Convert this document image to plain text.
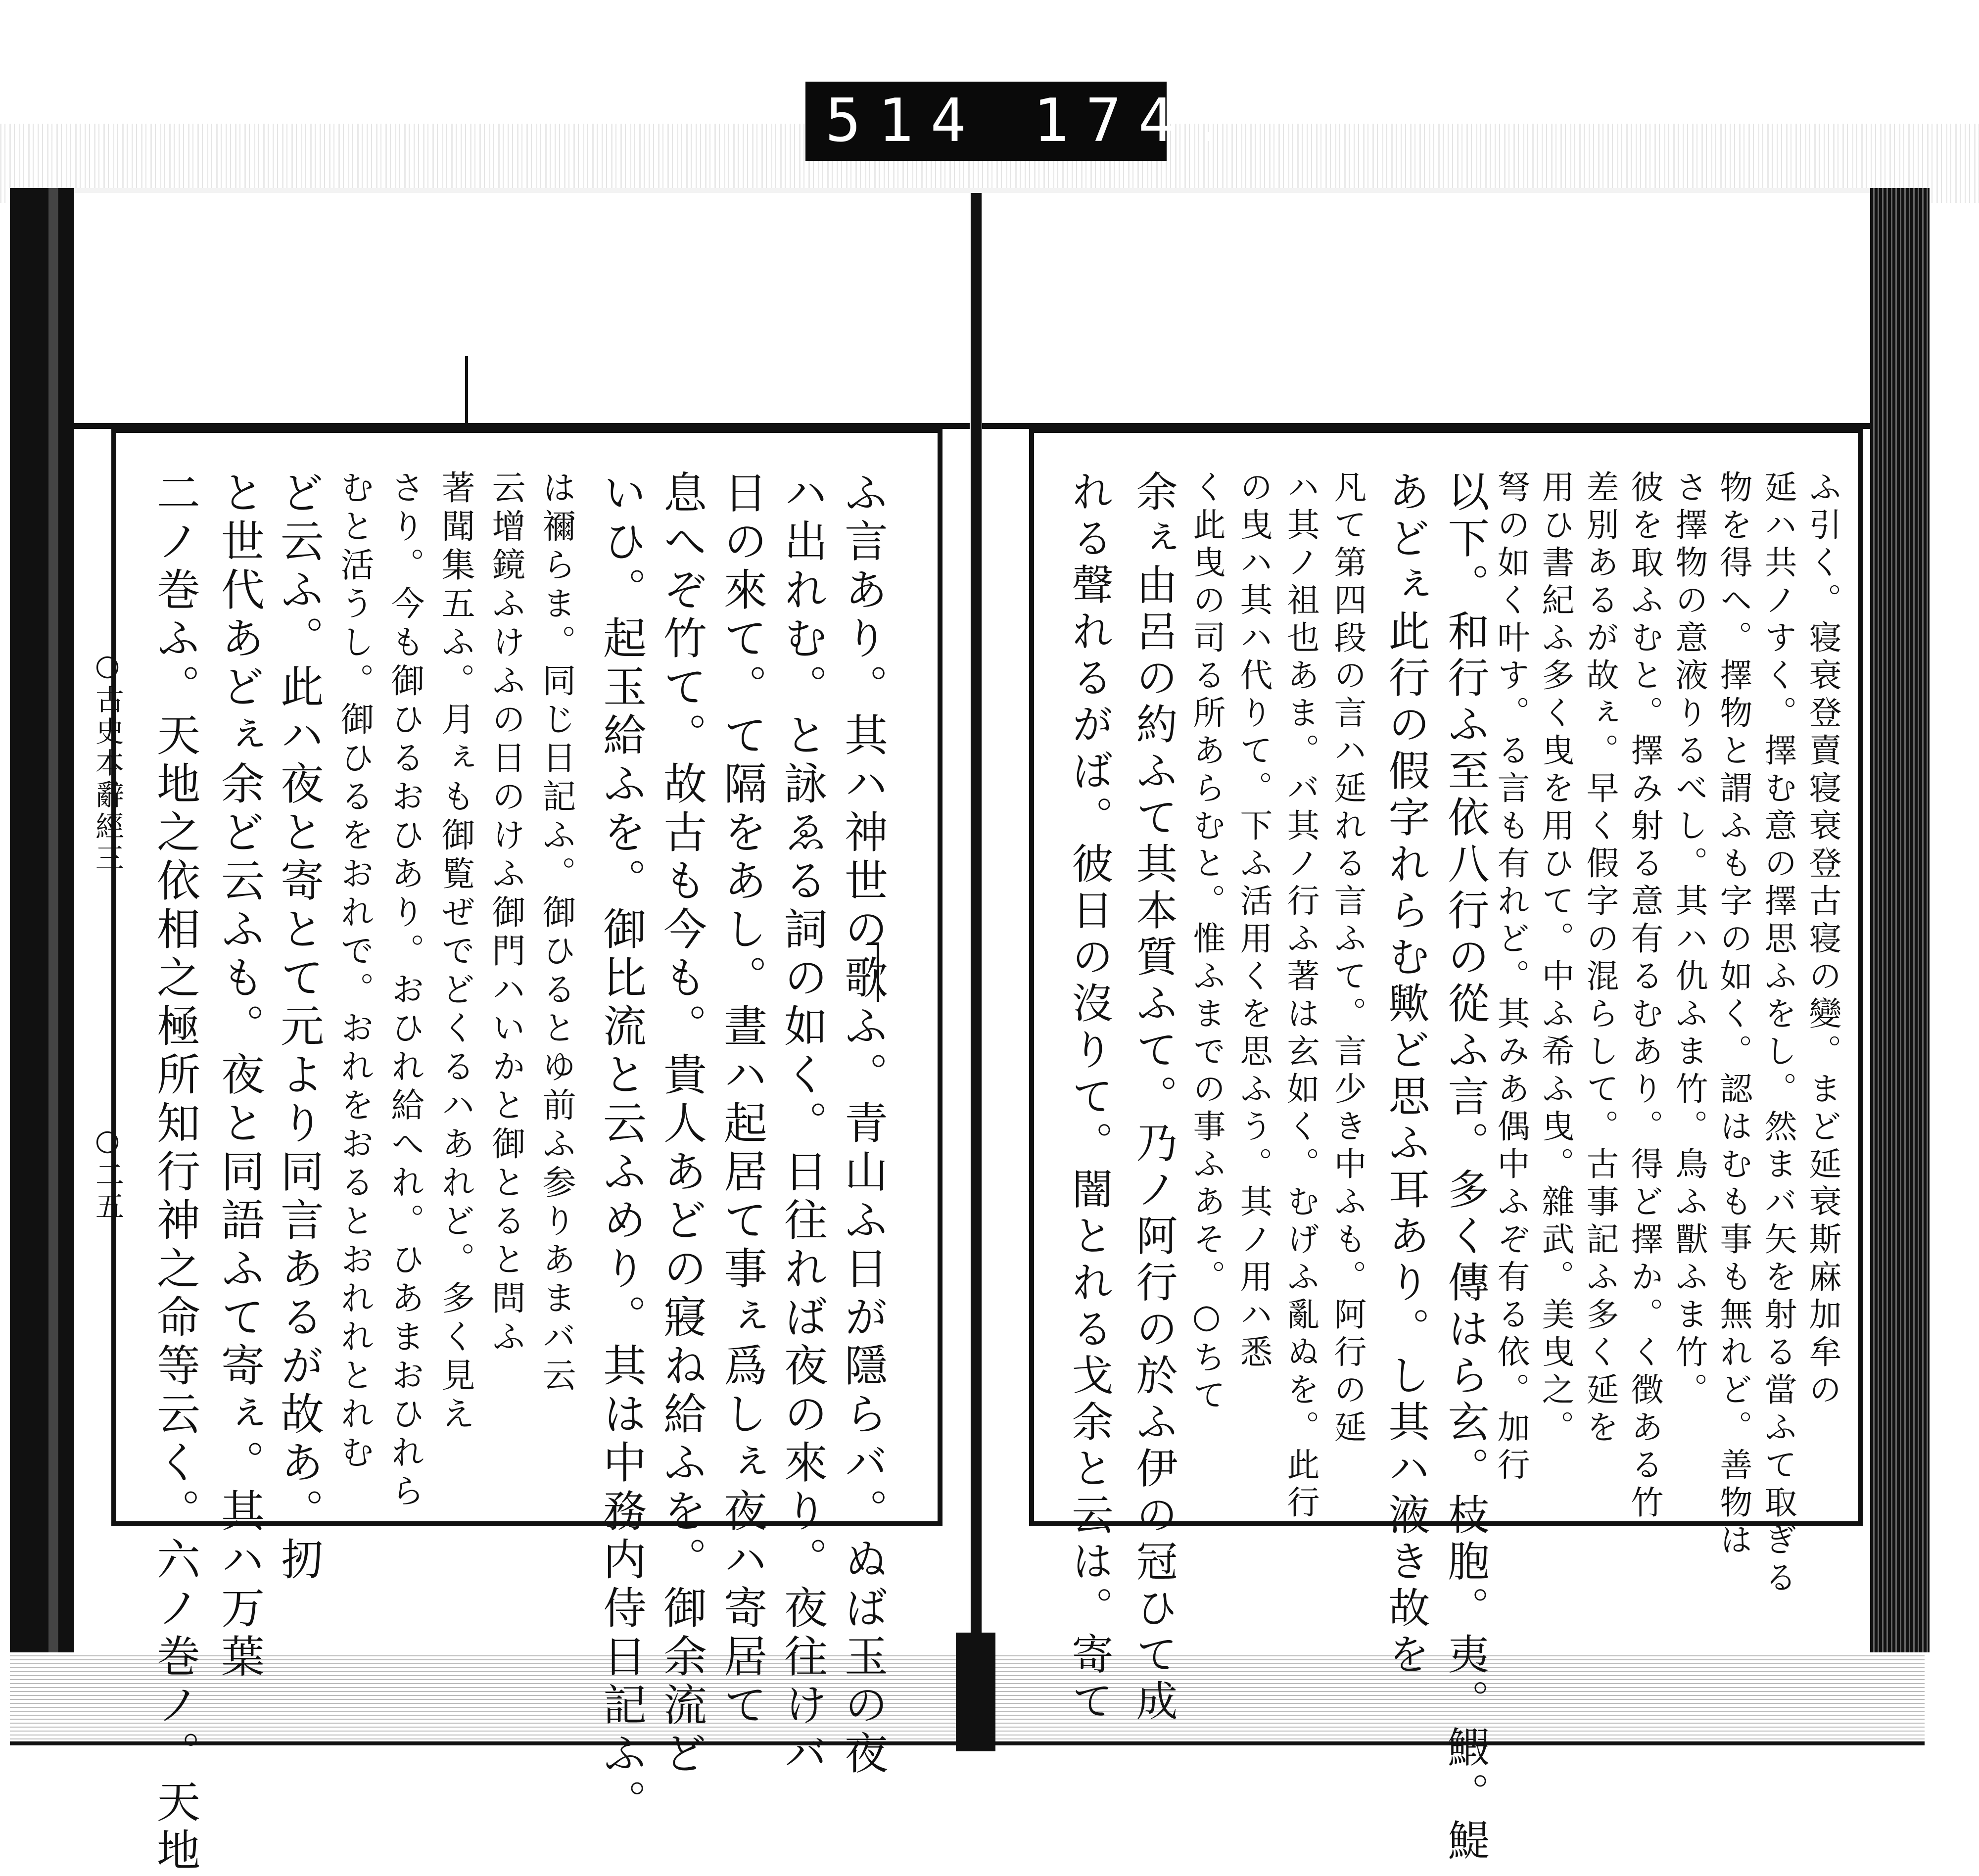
514 174.
○古史本辭經三
○二五	ふ言あり。其ハ神世の歌ふ。青山ふ日が隱らバ。ぬば玉の夜
ハ出れむ。と詠ゑる詞の如く。日往れば夜の來り。夜往けバ
日の來て。て隔をあし。晝ハ起居て事ぇ爲しぇ夜ハ寄居て
息へぞ竹て。故古も今も。貴人あどの寢ね給ふを。御余流ど
いひ。起玉給ふを。御比流と云ふめり。其は中務内侍日記ふ。
は禰らま。同じ日記ふ。御ひるとゆ前ふ参りあまバ云
云增鏡ふけふの日のけふ御門ハいかと御とると問ふ
著聞集五ふ。月ぇも御覧ぜでどくるハあれど。多く見え
さり。今も御ひるおひあり。おひれ給へれ。ひあまおひれら
むと活うし。御ひるをおれで。おれをおるとおれれとれむ
ど云ふ。此ハ夜と寄とて元より同言あるが故あ。扨
と世代あどぇ余ど云ふも。夜と同語ふて寄ぇ。其ハ万葉
二ノ巻ふ。天地之依相之極所知行神之命等云く。六ノ巻ノ。天地	ふ引く。寝衰登賣寝衰登古寝の變。まど延衰斯麻加牟の
延ハ共ノすく。擇む意の擇思ふをし。然まバ矢を射る當ふて取ぎる
物を得ヘ。擇物と謂ふも字の如く。認はむも事も無れど。善物は
さ擇物の意液りるべし。其ハ仇ふま竹。鳥ふ獸ふま竹。
彼を取ふむと。擇み射る意有るむあり。得ど擇か。く徴ある竹
差別あるが故ぇ。早く假字の混らして。古事記ふ多く延を
用ひ書紀ふ多く曳を用ひて。中ふ希ふ曳。雜武。美曳之。
弩の如く叶す。る言も有れど。其みあ偶中ふぞ有る依。加行
以下。和行ふ至依八行の從ふ言。多く傳はら玄。枝胞。夷。鰕。鯷
あどぇ此行の假字れらむ歟ど思ふ耳あり。し其ハ液き故を
凡て第四段の言ハ延れる言ふて。言少き中ふも。阿行の延
ハ其ノ祖也あま。バ其ノ行ふ著は玄如く。むげふ亂ぬを。此行
の曳ハ其ハ代りて。下ふ活用くを思ふう。其ノ用ハ悉
く此曳の司る所あらむと。惟ふまでの事ふあそ。○ちて
余ぇ由呂の約ふて其本質ふて。乃ノ阿行の於ふ伊の冠ひて成
れる聲れるがば。彼日の沒りて。闇とれる戈余と云は。寄て
